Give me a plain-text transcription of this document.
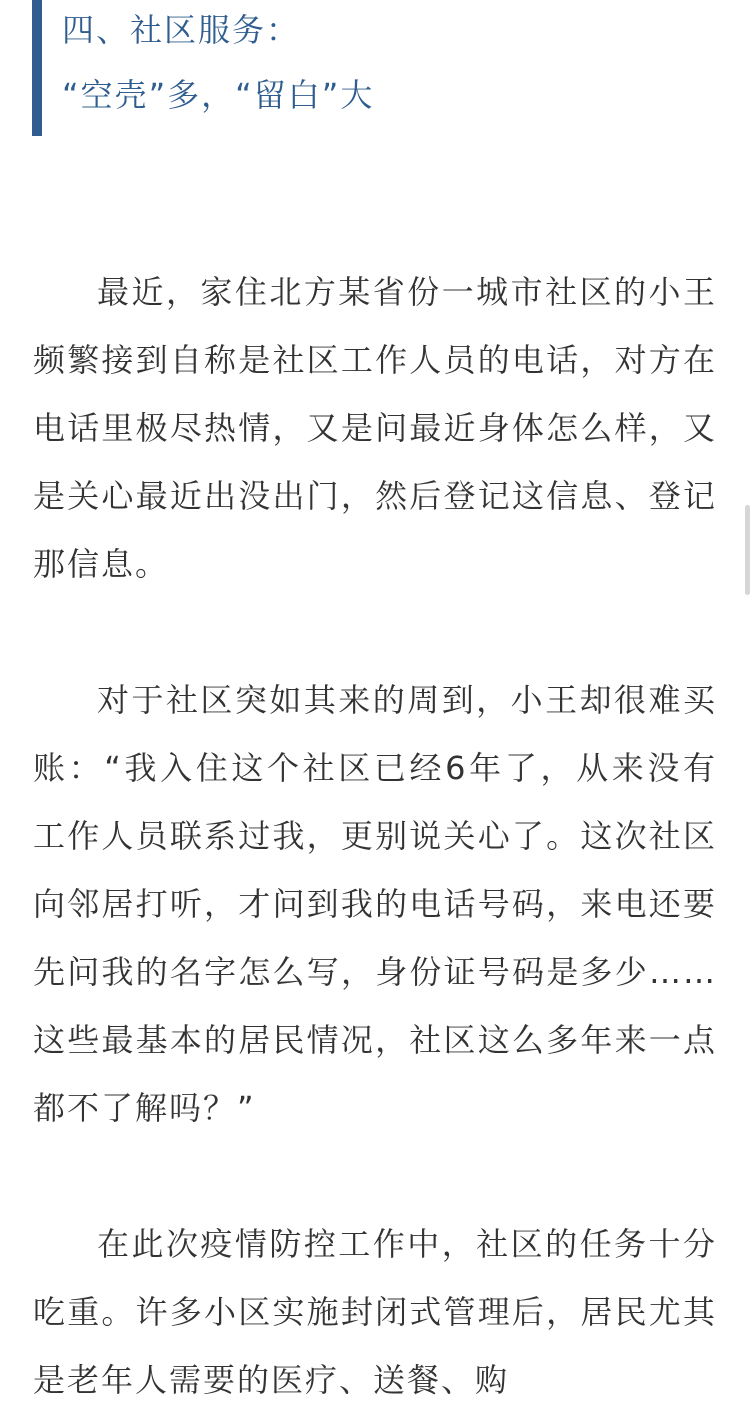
四、社区服务：
“空壳”多，“留白”大

最近，家住北方某省份一城市社区的小王频繁接到自称是社区工作人员的电话，对方在电话里极尽热情，又是问最近身体怎么样，又是关心最近出没出门，然后登记这信息、登记那信息。

对于社区突如其来的周到，小王却很难买账：“我入住这个社区已经6年了，从来没有工作人员联系过我，更别说关心了。这次社区向邻居打听，才问到我的电话号码，来电还要先问我的名字怎么写，身份证号码是多少……这些最基本的居民情况，社区这么多年来一点都不了解吗？”

在此次疫情防控工作中，社区的任务十分吃重。许多小区实施封闭式管理后，居民尤其是老年人需要的医疗、送餐、购
